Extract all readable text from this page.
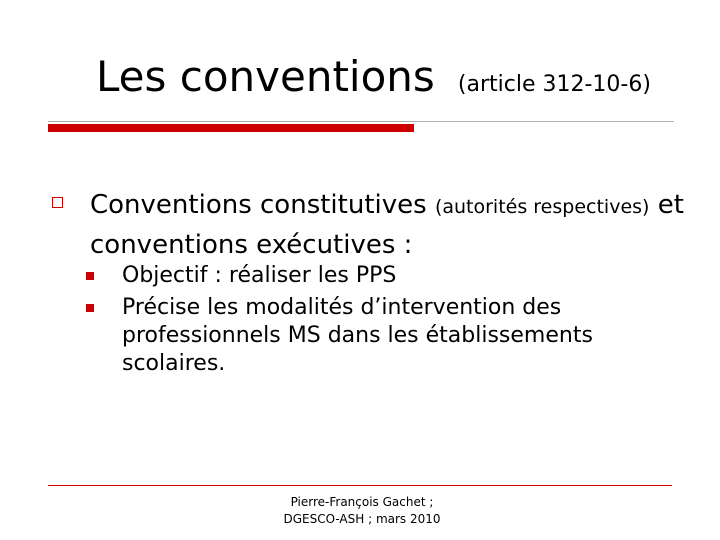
Les conventions (article 312-10-6)
Conventions constitutives (autorités respectives) et conventions exécutives :
Objectif : réaliser les PPS
Précise les modalités d’intervention des professionnels MS dans les établissements scolaires.
Pierre-François Gachet ;
DGESCO-ASH ; mars 2010
